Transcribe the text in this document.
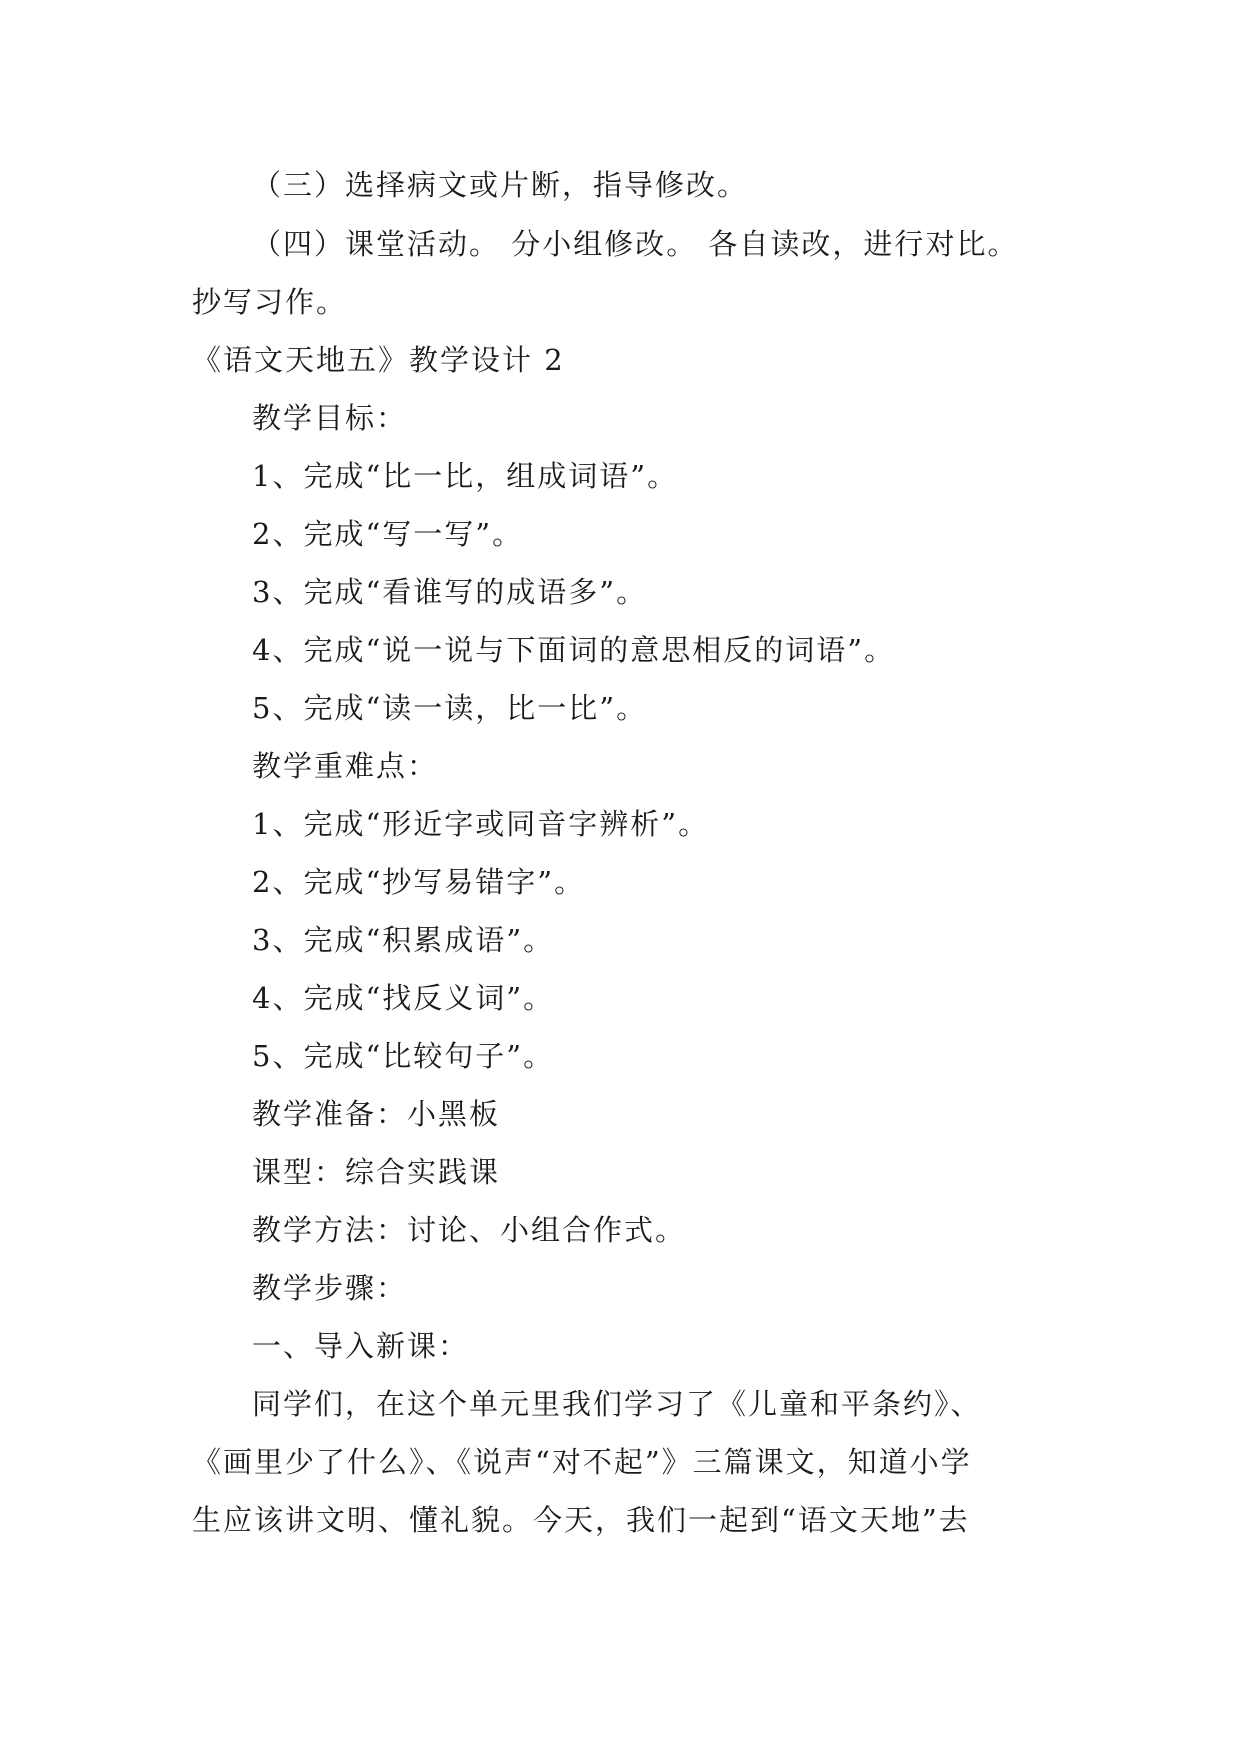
（三）选择病文或片断，指导修改。
（四）课堂活动。 分小组修改。 各自读改，进行对比。
抄写习作。
《语文天地五》教学设计 2
教学目标：
1、完成“比一比，组成词语”。
2、完成“写一写”。
3、完成“看谁写的成语多”。
4、完成“说一说与下面词的意思相反的词语”。
5、完成“读一读，比一比”。
教学重难点：
1、完成“形近字或同音字辨析”。
2、完成“抄写易错字”。
3、完成“积累成语”。
4、完成“找反义词”。
5、完成“比较句子”。
教学准备：小黑板
课型：综合实践课
教学方法：讨论、小组合作式。
教学步骤：
一、导入新课：
同学们，在这个单元里我们学习了《儿童和平条约》、
《画里少了什么》、《说声“对不起”》三篇课文，知道小学
生应该讲文明、懂礼貌。今天，我们一起到“语文天地”去
